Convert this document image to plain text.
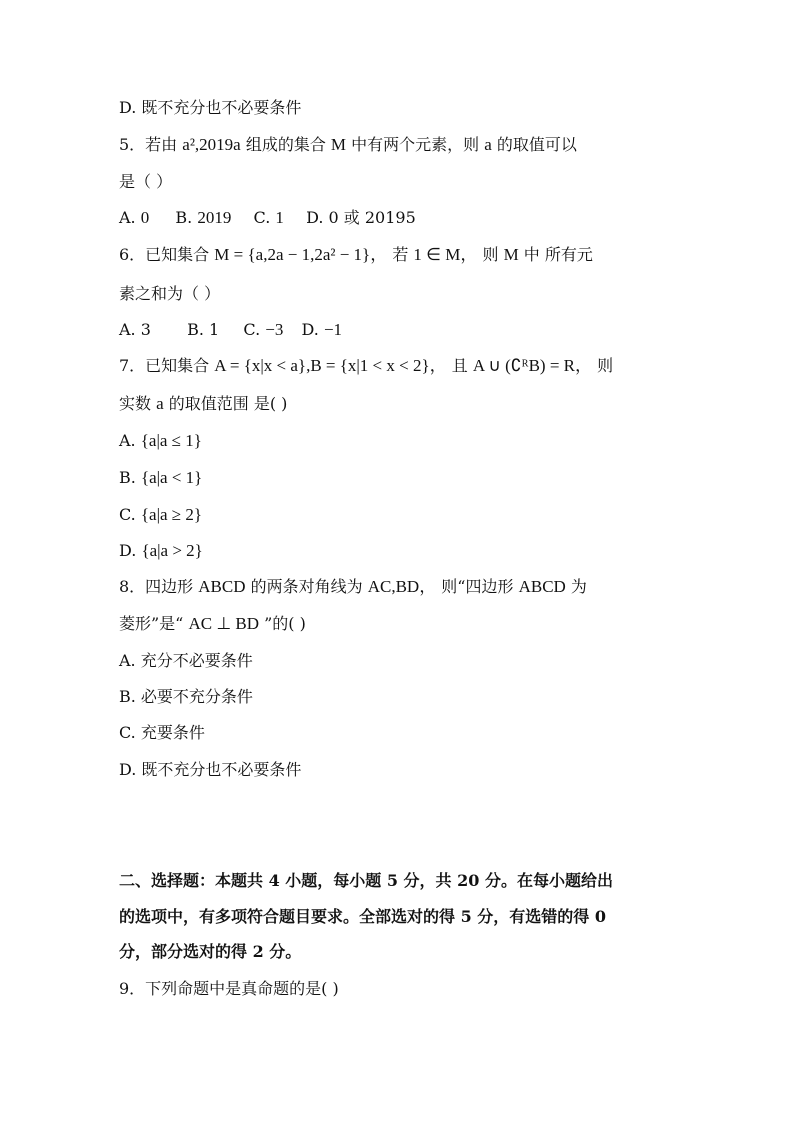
D. 既不充分也不必要条件
5．若由 a²,2019a 组成的集合 M 中有两个元素，则 a 的取值可以
是（ ）
A. 0 B. 2019 C. 1 D. 0 或 20195
6．已知集合 M = {a,2a − 1,2a² − 1}， 若 1 ∈ M， 则 M 中 所有元
素之和为（ ）
A. 3 B. 1 C. −3 D. −1
7．已知集合 A = {x|x < a},B = {x|1 < x < 2}， 且 A ∪ (∁ᴿB) = R， 则
实数 a 的取值范围 是( )
A. {a|a ≤ 1}
B. {a|a < 1}
C. {a|a ≥ 2}
D. {a|a > 2}
8．四边形 ABCD 的两条对角线为 AC,BD， 则“四边形 ABCD 为
菱形”是“ AC ⊥ BD ”的( )
A. 充分不必要条件
B. 必要不充分条件
C. 充要条件
D. 既不充分也不必要条件
二、选择题：本题共 4 小题，每小题 5 分，共 20 分。在每小题给出
的选项中，有多项符合题目要求。全部选对的得 5 分，有选错的得 0
分，部分选对的得 2 分。
9．下列命题中是真命题的是( )
